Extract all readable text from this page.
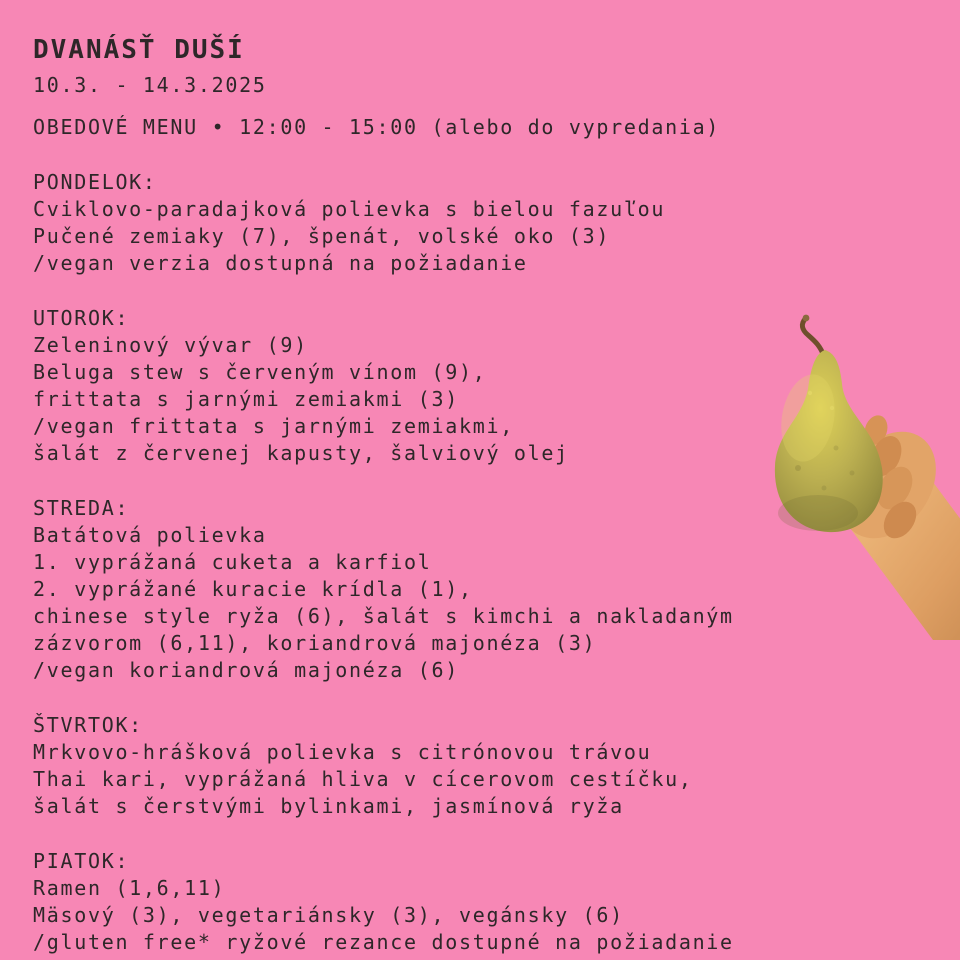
DVANÁSŤ DUŠÍ
10.3. - 14.3.2025
OBEDOVÉ MENU • 12:00 - 15:00 (alebo do vypredania)
PONDELOK:
Cviklovo-paradajková polievka s bielou fazuľou
Pučené zemiaky (7), špenát, volské oko (3)
/vegan verzia dostupná na požiadanie
UTOROK:
Zeleninový vývar (9)
Beluga stew s červeným vínom (9),
frittata s jarnými zemiakmi (3)
/vegan frittata s jarnými zemiakmi,
šalát z červenej kapusty, šalviový olej
STREDA:
Batátová polievka
1. vyprážaná cuketa a karfiol
2. vyprážané kuracie krídla (1),
chinese style ryža (6), šalát s kimchi a nakladaným
zázvorom (6,11), koriandrová majonéza (3)
/vegan koriandrová majonéza (6)
ŠTVRTOK:
Mrkvovo-hrášková polievka s citrónovou trávou
Thai kari, vyprážaná hliva v cícerovom cestíčku,
šalát s čerstvými bylinkami, jasmínová ryža
PIATOK:
Ramen (1,6,11)
Mäsový (3), vegetariánsky (3), vegánsky (6)
/gluten free* ryžové rezance dostupné na požiadanie
